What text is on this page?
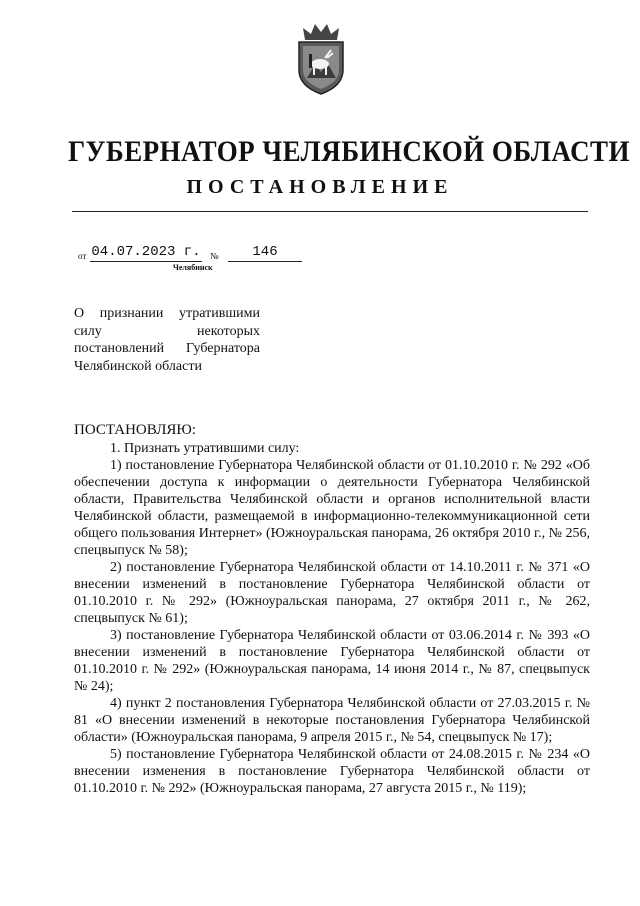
ГУБЕРНАТОР ЧЕЛЯБИНСКОЙ ОБЛАСТИ
ПОСТАНОВЛЕНИЕ
от 04.07.2023 г. №	146
Челябинск
О признании утратившими силу некоторых постановлений Губернатора Челябинской области
ПОСТАНОВЛЯЮ:

1. Признать утратившими силу:

1) постановление Губернатора Челябинской области от 01.10.2010 г. № 292 «Об обеспечении доступа к информации о деятельности Губернатора Челябинской области, Правительства Челябинской области и органов исполнительной власти Челябинской области, размещаемой в информационно-телекоммуникационной сети общего пользования Интернет» (Южноуральская панорама, 26 октября 2010 г., № 256, спецвыпуск № 58);

2) постановление Губернатора Челябинской области от 14.10.2011 г. № 371 «О внесении изменений в постановление Губернатора Челябинской области от 01.10.2010 г. № 292» (Южноуральская панорама, 27 октября 2011 г., № 262, спецвыпуск № 61);

3) постановление Губернатора Челябинской области от 03.06.2014 г. № 393 «О внесении изменений в постановление Губернатора Челябинской области от 01.10.2010 г. № 292» (Южноуральская панорама, 14 июня 2014 г., № 87, спецвыпуск № 24);

4) пункт 2 постановления Губернатора Челябинской области от 27.03.2015 г. № 81 «О внесении изменений в некоторые постановления Губернатора Челябинской области» (Южноуральская панорама, 9 апреля 2015 г., № 54, спецвыпуск № 17);

5) постановление Губернатора Челябинской области от 24.08.2015 г. № 234 «О внесении изменения в постановление Губернатора Челябинской области от 01.10.2010 г. № 292» (Южноуральская панорама, 27 августа 2015 г., № 119);
